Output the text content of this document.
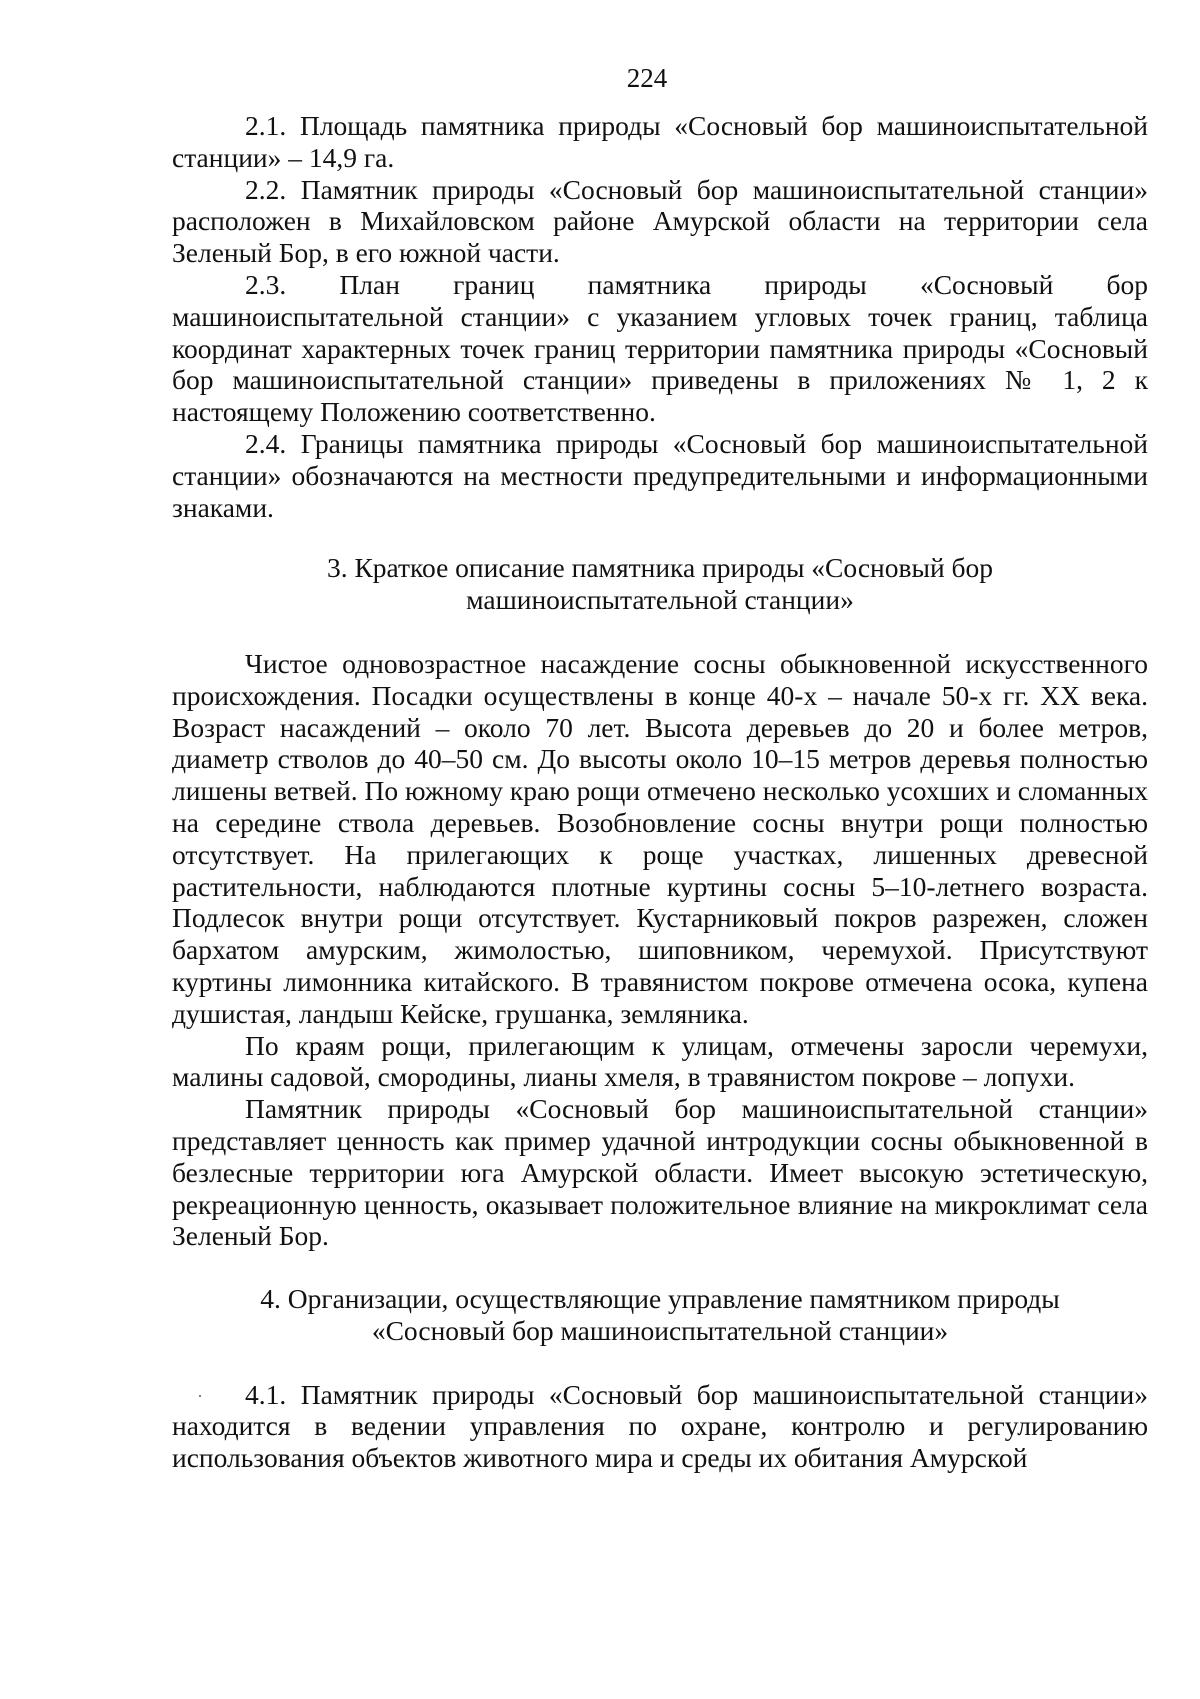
224

2.1. Площадь памятника природы «Сосновый бор машиноиспытательной станции» – 14,9 га.

2.2. Памятник природы «Сосновый бор машиноиспытательной станции» расположен в Михайловском районе Амурской области на территории села Зеленый Бор, в его южной части.

2.3. План границ памятника природы «Сосновый бор машиноиспытательной станции» с указанием угловых точек границ, таблица координат характерных точек границ территории памятника природы «Сосновый бор машиноиспытательной станции» приведены в приложениях № 1, 2 к настоящему Положению соответственно.

2.4. Границы памятника природы «Сосновый бор машиноиспытательной станции» обозначаются на местности предупредительными и информационными знаками.

3. Краткое описание памятника природы «Сосновый бор
машиноиспытательной станции»

Чистое одновозрастное насаждение сосны обыкновенной искусственного происхождения. Посадки осуществлены в конце 40-х – начале 50-х гг. XX века. Возраст насаждений – около 70 лет. Высота деревьев до 20 и более метров, диаметр стволов до 40–50 см. До высоты около 10–15 метров деревья полностью лишены ветвей. По южному краю рощи отмечено несколько усохших и сломанных на середине ствола деревьев. Возобновление сосны внутри рощи полностью отсутствует. На прилегающих к роще участках, лишенных древесной растительности, наблюдаются плотные куртины сосны 5–10-летнего возраста. Подлесок внутри рощи отсутствует. Кустарниковый покров разрежен, сложен бархатом амурским, жимолостью, шиповником, черемухой. Присутствуют куртины лимонника китайского. В травянистом покрове отмечена осока, купена душистая, ландыш Кейске, грушанка, земляника.

По краям рощи, прилегающим к улицам, отмечены заросли черемухи, малины садовой, смородины, лианы хмеля, в травянистом покрове – лопухи.

Памятник природы «Сосновый бор машиноиспытательной станции» представляет ценность как пример удачной интродукции сосны обыкновенной в безлесные территории юга Амурской области. Имеет высокую эстетическую, рекреационную ценность, оказывает положительное влияние на микроклимат села Зеленый Бор.

4. Организации, осуществляющие управление памятником природы
«Сосновый бор машиноиспытательной станции»

4.1. Памятник природы «Сосновый бор машиноиспытательной станции» находится в ведении управления по охране, контролю и регулированию использования объектов животного мира и среды их обитания Амурской
